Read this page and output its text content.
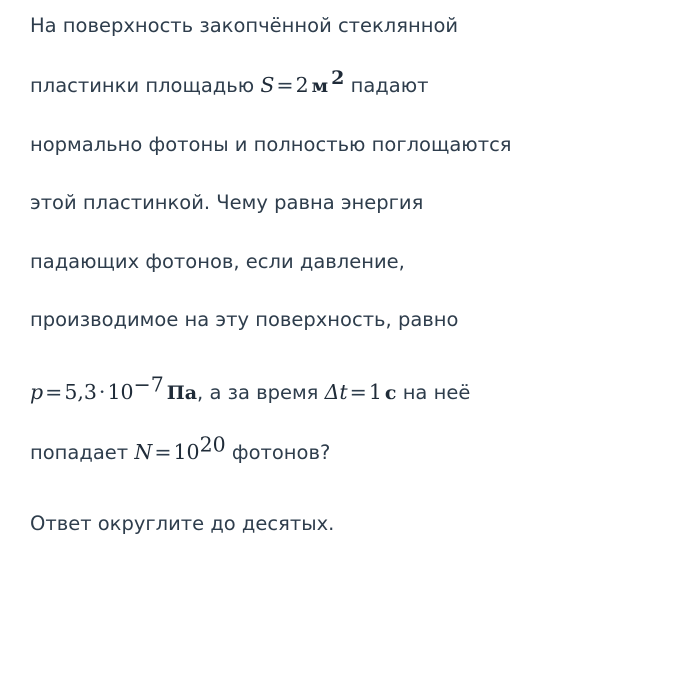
На поверхность закопчённой стеклянной

пластинки площадью S=2 м $^2$ падают

нормально фотоны и полностью поглощаются

этой пластинкой. Чему равна энергия

падающих фотонов, если давление,

производимое на эту поверхность, равно

$p=5,3\cdot 10^{-7}$ Па, а за время Δt=1 с на неё

попадает $N=10^{20}$ фотонов?

Ответ округлите до десятых.
